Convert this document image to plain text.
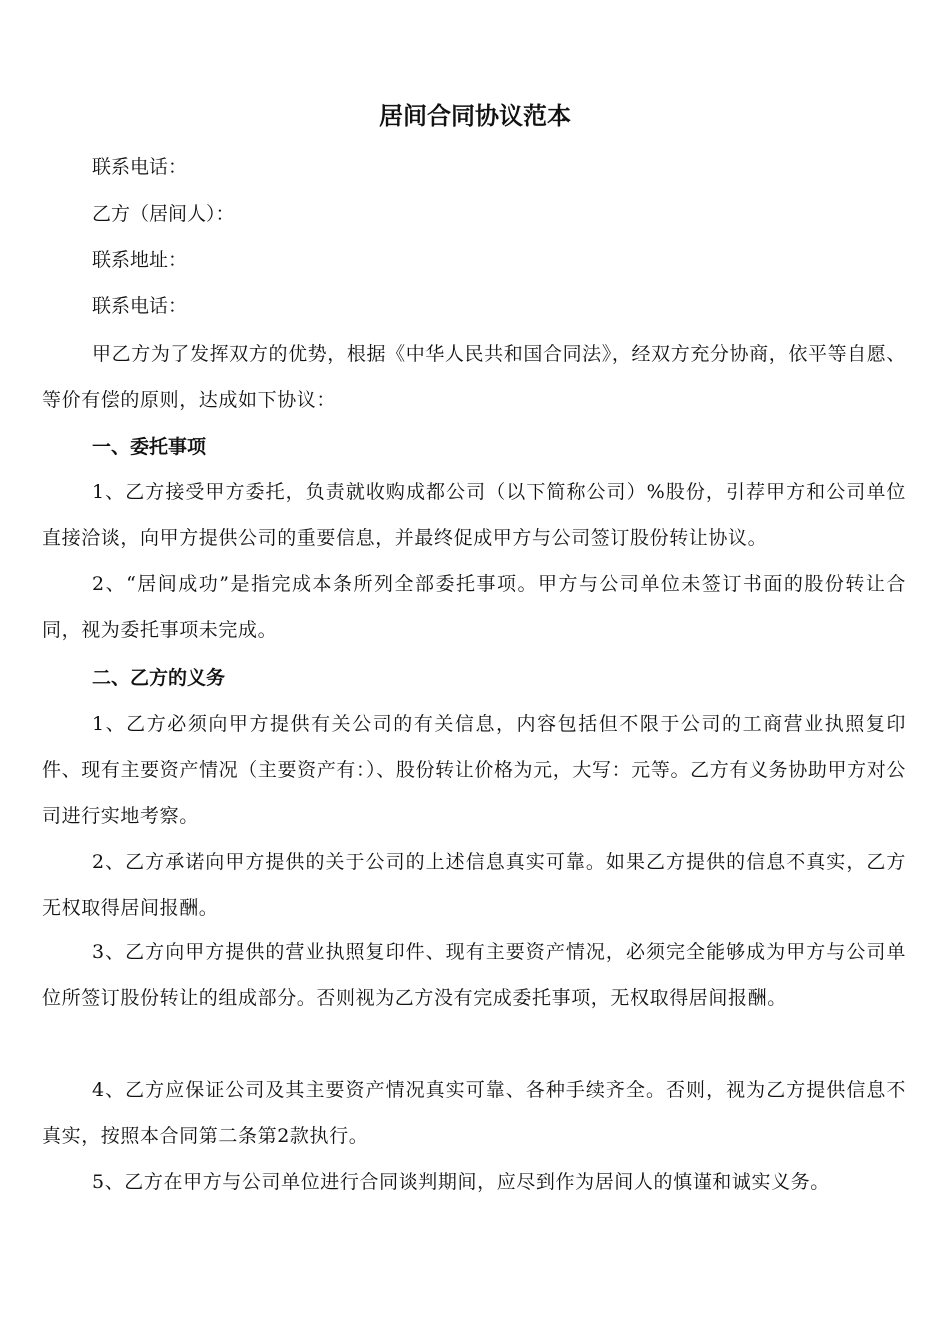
居间合同协议范本
联系电话：
乙方（居间人）：
联系地址：
联系电话：
甲乙方为了发挥双方的优势，根据《中华人民共和国合同法》，经双方充分协商，依平等自愿、等价有偿的原则，达成如下协议：
一、委托事项
1、乙方接受甲方委托，负责就收购成都公司（以下简称公司）%股份，引荐甲方和公司单位直接洽谈，向甲方提供公司的重要信息，并最终促成甲方与公司签订股份转让协议。
2、“居间成功”是指完成本条所列全部委托事项。甲方与公司单位未签订书面的股份转让合同，视为委托事项未完成。
二、乙方的义务
1、乙方必须向甲方提供有关公司的有关信息，内容包括但不限于公司的工商营业执照复印件、现有主要资产情况（主要资产有：）、股份转让价格为元，大写：元等。乙方有义务协助甲方对公司进行实地考察。
2、乙方承诺向甲方提供的关于公司的上述信息真实可靠。如果乙方提供的信息不真实，乙方无权取得居间报酬。
3、乙方向甲方提供的营业执照复印件、现有主要资产情况，必须完全能够成为甲方与公司单位所签订股份转让的组成部分。否则视为乙方没有完成委托事项，无权取得居间报酬。
4、乙方应保证公司及其主要资产情况真实可靠、各种手续齐全。否则，视为乙方提供信息不真实，按照本合同第二条第2款执行。
5、乙方在甲方与公司单位进行合同谈判期间，应尽到作为居间人的慎谨和诚实义务。
